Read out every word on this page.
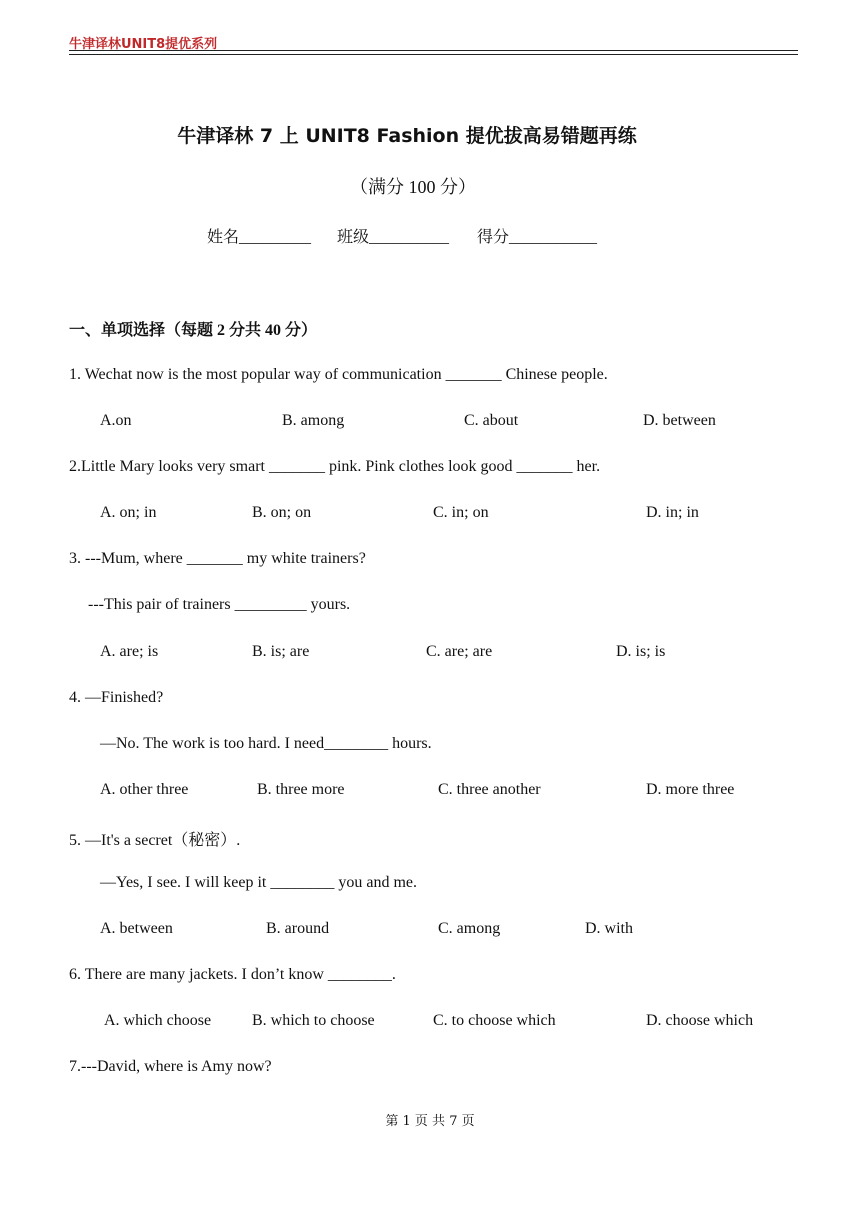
牛津译林UNIT8提优系列
牛津译林 7 上 UNIT8 Fashion 提优拔高易错题再练
（满分 100 分）
姓名_________ 班级__________ 得分___________
一、单项选择（每题 2 分共 40 分）
1. Wechat now is the most popular way of communication _______ Chinese people.
A.on	B. among	C. about	D. between
2.Little Mary looks very smart _______ pink. Pink clothes look good _______ her.
A. on; in	B. on; on	C. in; on	D. in; in
3. ---Mum, where _______ my white trainers?
---This pair of trainers _________ yours.
A. are; is	B. is; are	C. are; are	D. is; is
4. —Finished?
—No. The work is too hard. I need________ hours.
A. other three	B. three more	C. three another	D. more three
5. —It's a secret（秘密）.
—Yes, I see. I will keep it ________ you and me.
A. between	B. around	C. among	D. with
6. There are many jackets. I don’t know ________.
A. which choose	B. which to choose	C. to choose which	D. choose which
7.---David, where is Amy now?
第 1 页 共 7 页
